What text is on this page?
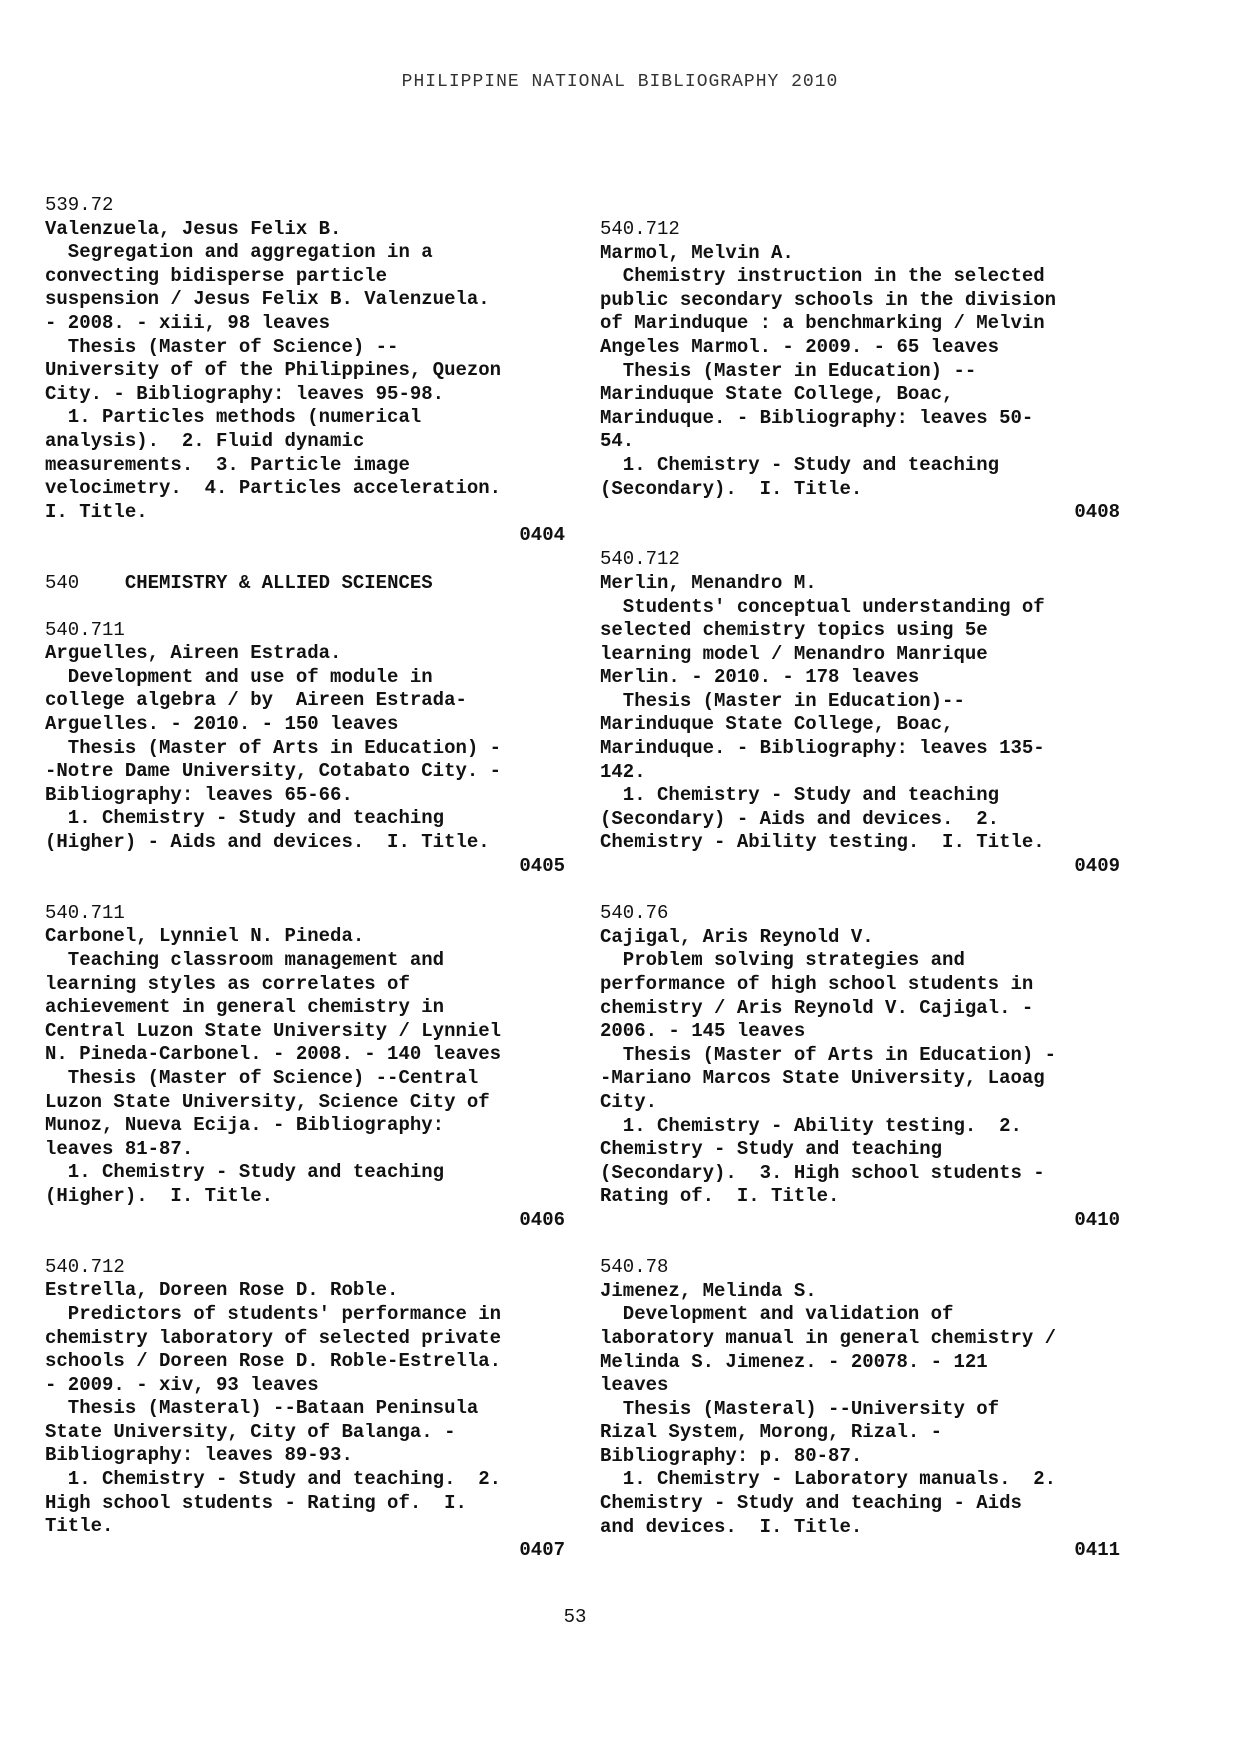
PHILIPPINE NATIONAL BIBLIOGRAPHY 2010
539.72
Valenzuela, Jesus Felix B.
Segregation and aggregation in a
convecting bidisperse particle
suspension / Jesus Felix B. Valenzuela.
- 2008. - xiii, 98 leaves
Thesis (Master of Science) --
University of of the Philippines, Quezon
City. - Bibliography: leaves 95-98.
1. Particles methods (numerical
analysis).  2. Fluid dynamic
measurements.  3. Particle image
velocimetry.  4. Particles acceleration.
I. Title.

0404
540 CHEMISTRY & ALLIED SCIENCES
540.711
Arguelles, Aireen Estrada.
Development and use of module in
college algebra / by  Aireen Estrada-
Arguelles. - 2010. - 150 leaves
Thesis (Master of Arts in Education) -
-Notre Dame University, Cotabato City. -
Bibliography: leaves 65-66.
1. Chemistry - Study and teaching
(Higher) - Aids and devices.  I. Title.

0405
540.711
Carbonel, Lynniel N. Pineda.
Teaching classroom management and
learning styles as correlates of
achievement in general chemistry in
Central Luzon State University / Lynniel
N. Pineda-Carbonel. - 2008. - 140 leaves
Thesis (Master of Science) --Central
Luzon State University, Science City of
Munoz, Nueva Ecija. - Bibliography:
leaves 81-87.
1. Chemistry - Study and teaching
(Higher).  I. Title.

0406
540.712
Estrella, Doreen Rose D. Roble.
Predictors of students' performance in
chemistry laboratory of selected private
schools / Doreen Rose D. Roble-Estrella.
- 2009. - xiv, 93 leaves
Thesis (Masteral) --Bataan Peninsula
State University, City of Balanga. -
Bibliography: leaves 89-93.
1. Chemistry - Study and teaching.  2.
High school students - Rating of.  I.
Title.

0407
540.712
Marmol, Melvin A.
Chemistry instruction in the selected
public secondary schools in the division
of Marinduque : a benchmarking / Melvin
Angeles Marmol. - 2009. - 65 leaves
Thesis (Master in Education) --
Marinduque State College, Boac,
Marinduque. - Bibliography: leaves 50-
54.
1. Chemistry - Study and teaching
(Secondary).  I. Title.

0408
540.712
Merlin, Menandro M.
Students' conceptual understanding of
selected chemistry topics using 5e
learning model / Menandro Manrique
Merlin. - 2010. - 178 leaves
Thesis (Master in Education)--
Marinduque State College, Boac,
Marinduque. - Bibliography: leaves 135-
142.
1. Chemistry - Study and teaching
(Secondary) - Aids and devices.  2.
Chemistry - Ability testing.  I. Title.

0409
540.76
Cajigal, Aris Reynold V.
Problem solving strategies and
performance of high school students in
chemistry / Aris Reynold V. Cajigal. -
2006. - 145 leaves
Thesis (Master of Arts in Education) -
-Mariano Marcos State University, Laoag
City.
1. Chemistry - Ability testing.  2.
Chemistry - Study and teaching
(Secondary).  3. High school students -
Rating of.  I. Title.

0410
540.78
Jimenez, Melinda S.
Development and validation of
laboratory manual in general chemistry /
Melinda S. Jimenez. - 20078. - 121
leaves
Thesis (Masteral) --University of
Rizal System, Morong, Rizal. -
Bibliography: p. 80-87.
1. Chemistry - Laboratory manuals.  2.
Chemistry - Study and teaching - Aids
and devices.  I. Title.

0411
53
